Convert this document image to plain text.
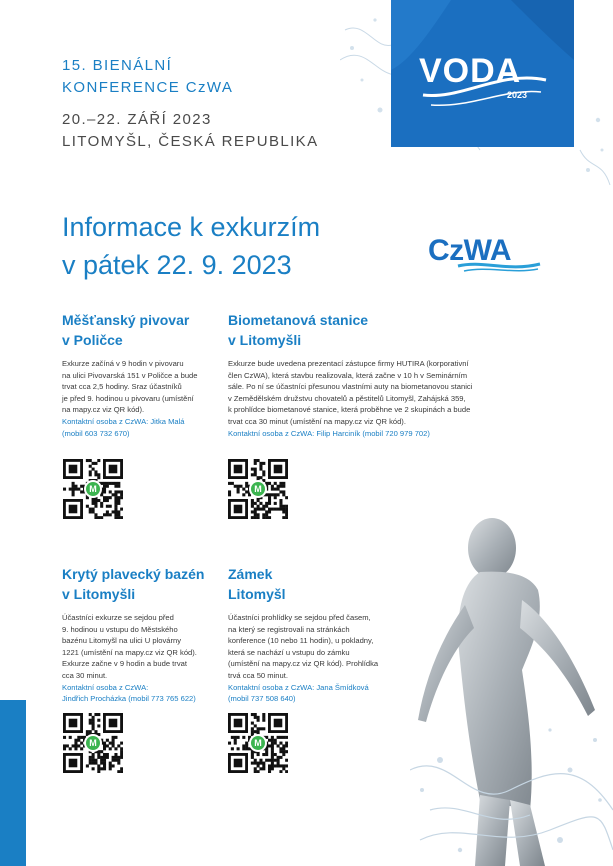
15. BIENÁLNÍ
KONFERENCE CzWA
20.–22. ZÁŘÍ 2023
LITOMYŠL, ČESKÁ REPUBLIKA
VODA
2023
Informace k exkurzím
v pátek 22. 9. 2023	CzWA
Měšťanský pivovar
v Poličce

Exkurze začíná v 9 hodin v pivovaru
na ulici Pivovarská 151 v Poličce a bude
trvat cca 2,5 hodiny. Sraz účastníků
je před 9. hodinou u pivovaru (umístění
na mapy.cz viz QR kód).
Kontaktní osoba z CzWA: Jitka Malá
(mobil 603 732 670)

M
Biometanová stanice
v Litomyšli

Exkurze bude uvedena prezentací zástupce firmy HUTIRA (korporativní
člen CzWA), která stavbu realizovala, která začne v 10 h v Seminárním
sále. Po ní se účastníci přesunou vlastními auty na biometanovou stanici
v Zemědělském družstvu chovatelů a pěstitelů Litomyšl, Zahájská 359,
k prohlídce biometanové stanice, která proběhne ve 2 skupinách a bude
trvat cca 30 minut (umístění na mapy.cz viz QR kód).
Kontaktní osoba z CzWA: Filip Harciník (mobil 720 979 702)

M
Krytý plavecký bazén
v Litomyšli

Účastníci exkurze se sejdou před
9. hodinou u vstupu do Městského
bazénu Litomyšl na ulici U plovárny
1221 (umístění na mapy.cz viz QR kód).
Exkurze začne v 9 hodin a bude trvat
cca 30 minut.
Kontaktní osoba z CzWA:
Jindřich Procházka (mobil 773 765 622)

M
Zámek
Litomyšl

Účastníci prohlídky se sejdou před časem,
na který se registrovali na stránkách
konference (10 nebo 11 hodin), u pokladny,
která se nachází u vstupu do zámku
(umístění na mapy.cz viz QR kód). Prohlídka
trvá cca 50 minut.
Kontaktní osoba z CzWA: Jana Šmídková
(mobil 737 508 640)

M
